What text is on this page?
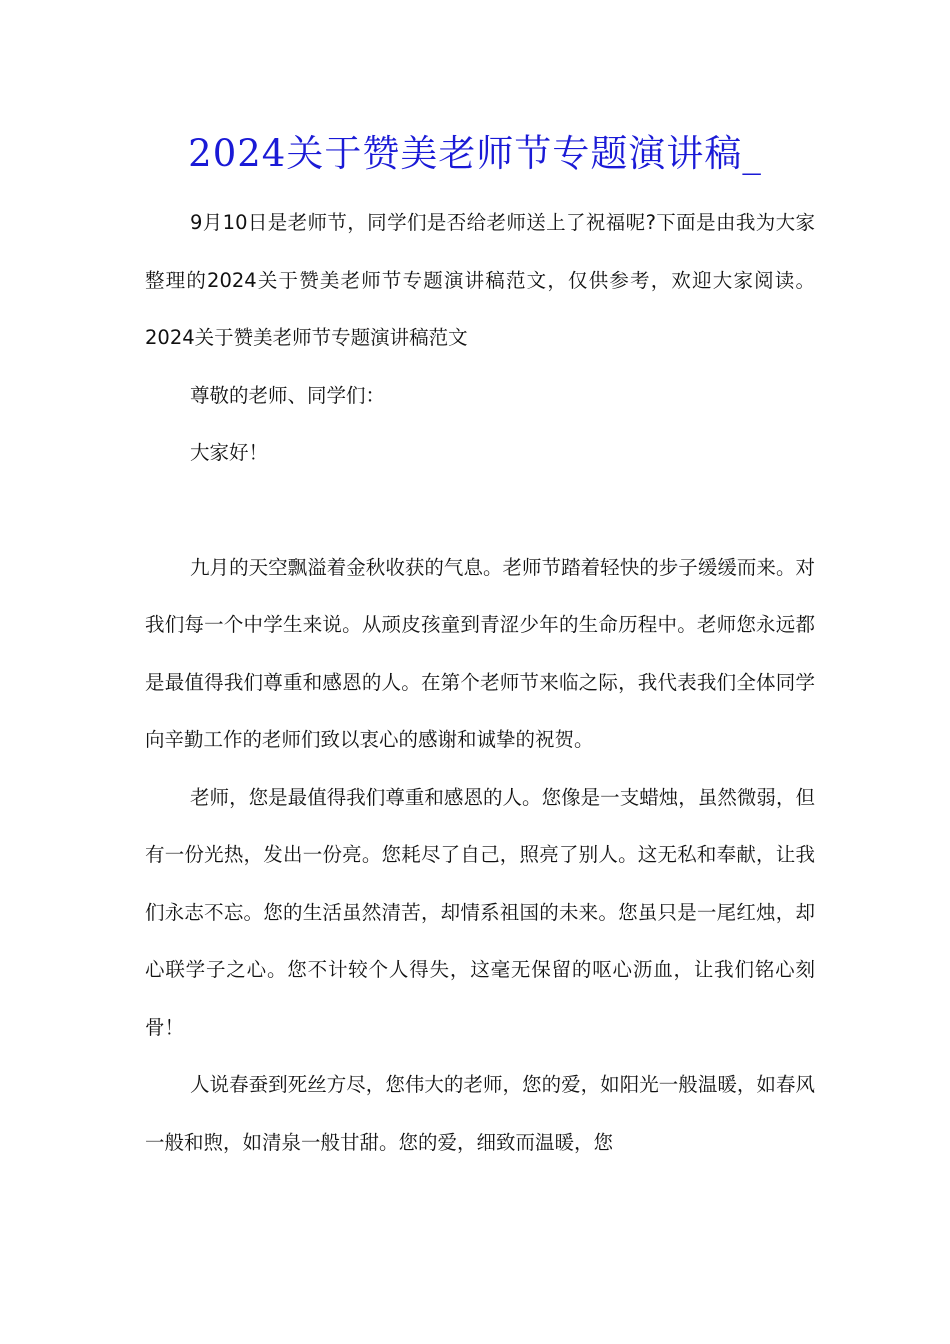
2024关于赞美老师节专题演讲稿_

9月10日是老师节，同学们是否给老师送上了祝福呢?下面是由我为大家整理的2024关于赞美老师节专题演讲稿范文，仅供参考，欢迎大家阅读。2024关于赞美老师节专题演讲稿范文

尊敬的老师、同学们：

大家好！

九月的天空飘溢着金秋收获的气息。老师节踏着轻快的步子缓缓而来。对我们每一个中学生来说。从顽皮孩童到青涩少年的生命历程中。老师您永远都是最值得我们尊重和感恩的人。在第个老师节来临之际，我代表我们全体同学向辛勤工作的老师们致以衷心的感谢和诚挚的祝贺。

老师，您是最值得我们尊重和感恩的人。您像是一支蜡烛，虽然微弱，但有一份光热，发出一份亮。您耗尽了自己，照亮了别人。这无私和奉献，让我们永志不忘。您的生活虽然清苦，却情系祖国的未来。您虽只是一尾红烛，却心联学子之心。您不计较个人得失，这毫无保留的呕心沥血，让我们铭心刻骨！

人说春蚕到死丝方尽，您伟大的老师，您的爱，如阳光一般温暖，如春风一般和煦，如清泉一般甘甜。您的爱，细致而温暖，您
